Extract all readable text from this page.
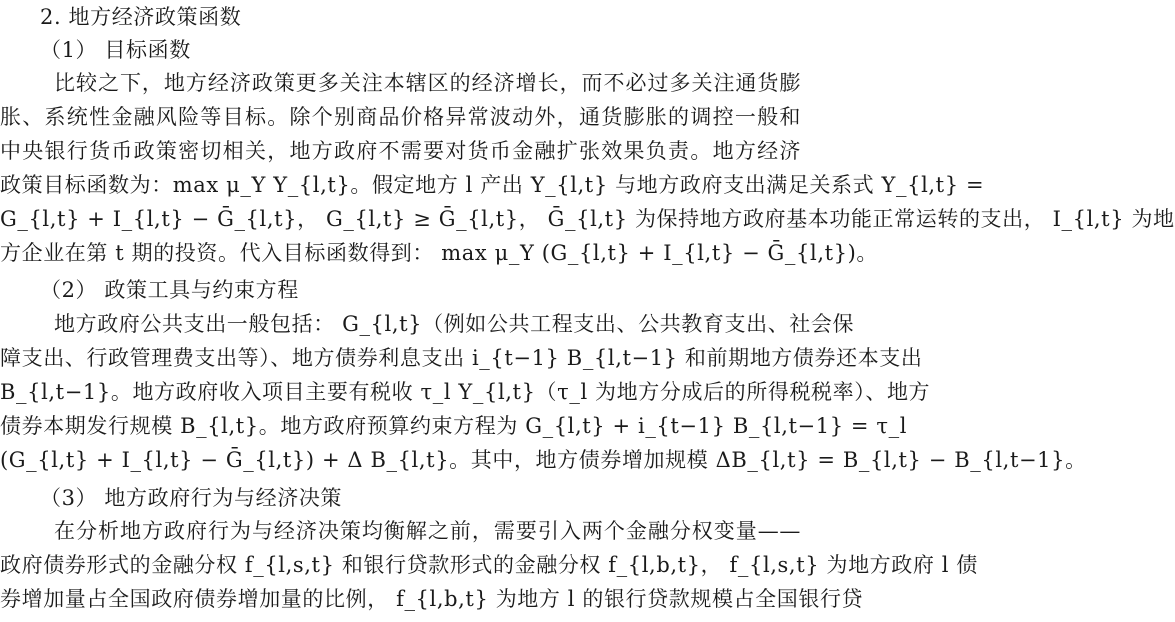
2. 地方经济政策函数
（1） 目标函数
比较之下，地方经济政策更多关注本辖区的经济增长，而不必过多关注通货膨
胀、系统性金融风险等目标。除个别商品价格异常波动外，通货膨胀的调控一般和
中央银行货币政策密切相关，地方政府不需要对货币金融扩张效果负责。地方经济
政策目标函数为：max μ_Y Y_{l,t}。假定地方 l 产出 Y_{l,t} 与地方政府支出满足关系式 Y_{l,t} =
G_{l,t} + I_{l,t} − Ḡ_{l,t}， G_{l,t} ≥ Ḡ_{l,t}， Ḡ_{l,t} 为保持地方政府基本功能正常运转的支出， I_{l,t} 为地
方企业在第 t 期的投资。代入目标函数得到： max μ_Y (G_{l,t} + I_{l,t} − Ḡ_{l,t})。
（2） 政策工具与约束方程
地方政府公共支出一般包括： G_{l,t}（例如公共工程支出、公共教育支出、社会保
障支出、行政管理费支出等）、地方债券利息支出 i_{t−1} B_{l,t−1} 和前期地方债券还本支出
B_{l,t−1}。地方政府收入项目主要有税收 τ_l Y_{l,t}（τ_l 为地方分成后的所得税税率）、地方
债券本期发行规模 B_{l,t}。地方政府预算约束方程为 G_{l,t} + i_{t−1} B_{l,t−1} = τ_l
(G_{l,t} + I_{l,t} − Ḡ_{l,t}) + Δ B_{l,t}。其中，地方债券增加规模 ΔB_{l,t} = B_{l,t} − B_{l,t−1}。
（3） 地方政府行为与经济决策
在分析地方政府行为与经济决策均衡解之前，需要引入两个金融分权变量——
政府债券形式的金融分权 f_{l,s,t} 和银行贷款形式的金融分权 f_{l,b,t}， f_{l,s,t} 为地方政府 l 债
券增加量占全国政府债券增加量的比例， f_{l,b,t} 为地方 l 的银行贷款规模占全国银行贷
